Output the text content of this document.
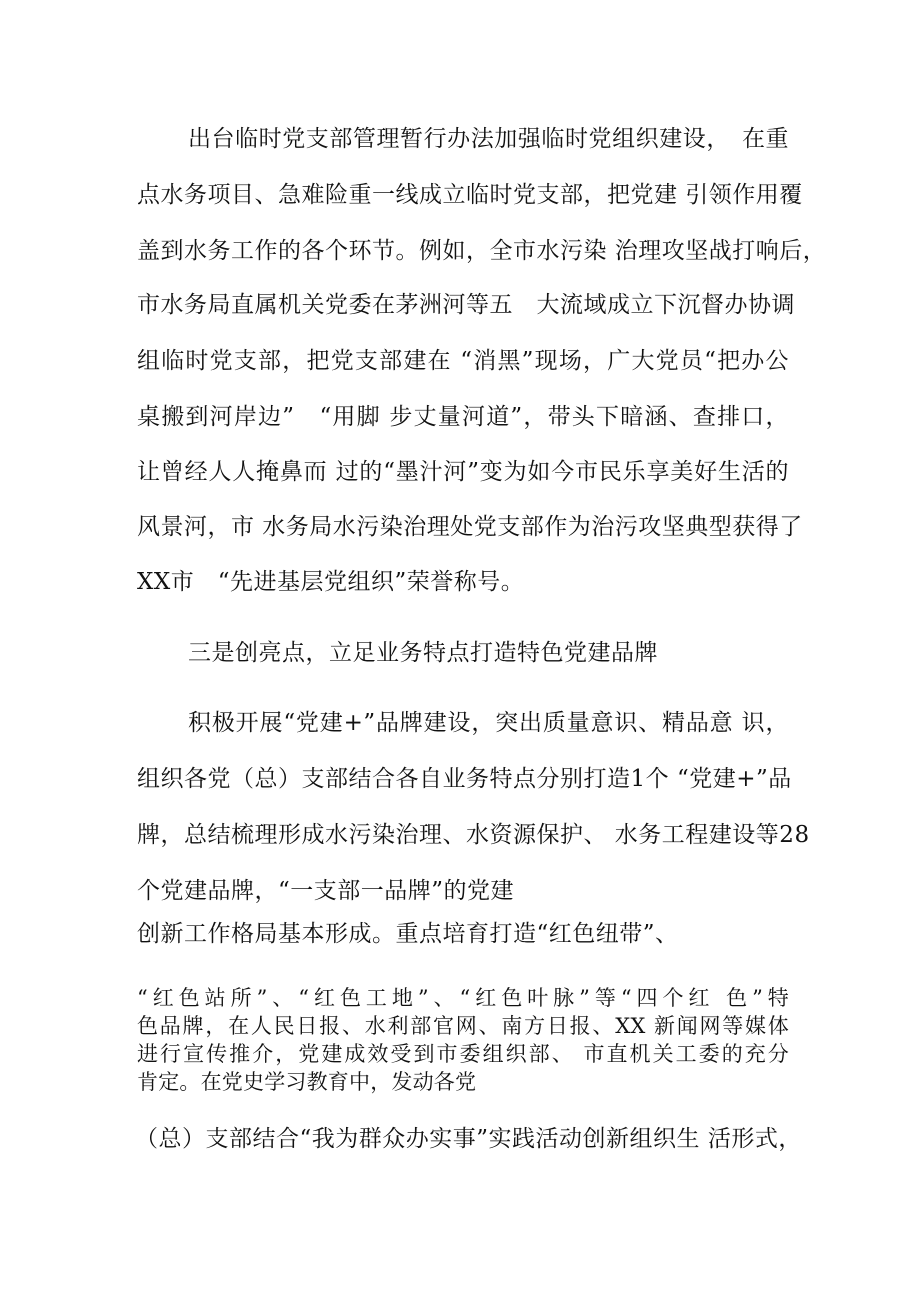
出台临时党支部管理暂行办法加强临时党组织建设，　在重
点水务项目、急难险重一线成立临时党支部，把党建 引领作用覆
盖到水务工作的各个环节。例如，全市水污染 治理攻坚战打响后，
市水务局直属机关党委在茅洲河等五　大流域成立下沉督办协调
组临时党支部，把党支部建在 “消黑”现场，广大党员“把办公
桌搬到河岸边”　“用脚 步丈量河道”，带头下暗涵、查排口，
让曾经人人掩鼻而 过的“墨汁河”变为如今市民乐享美好生活的
风景河，市 水务局水污染治理处党支部作为治污攻坚典型获得了
XX市　“先进基层党组织”荣誉称号。
三是创亮点，立足业务特点打造特色党建品牌
积极开展“党建+”品牌建设，突出质量意识、精品意 识，
组织各党（总）支部结合各自业务特点分别打造1个 “党建+”品
牌，总结梳理形成水污染治理、水资源保护、 水务工程建设等28
个党建品牌，“一支部一品牌”的党建
创新工作格局基本形成。重点培育打造“红色纽带”、
“红色站所”、“红色工地”、“红色叶脉”等“四个红 色”特
色品牌，在人民日报、水利部官网、南方日报、XX 新闻网等媒体
进行宣传推介，党建成效受到市委组织部、 市直机关工委的充分
肯定。在党史学习教育中，发动各党
（总）支部结合“我为群众办实事”实践活动创新组织生 活形式，
